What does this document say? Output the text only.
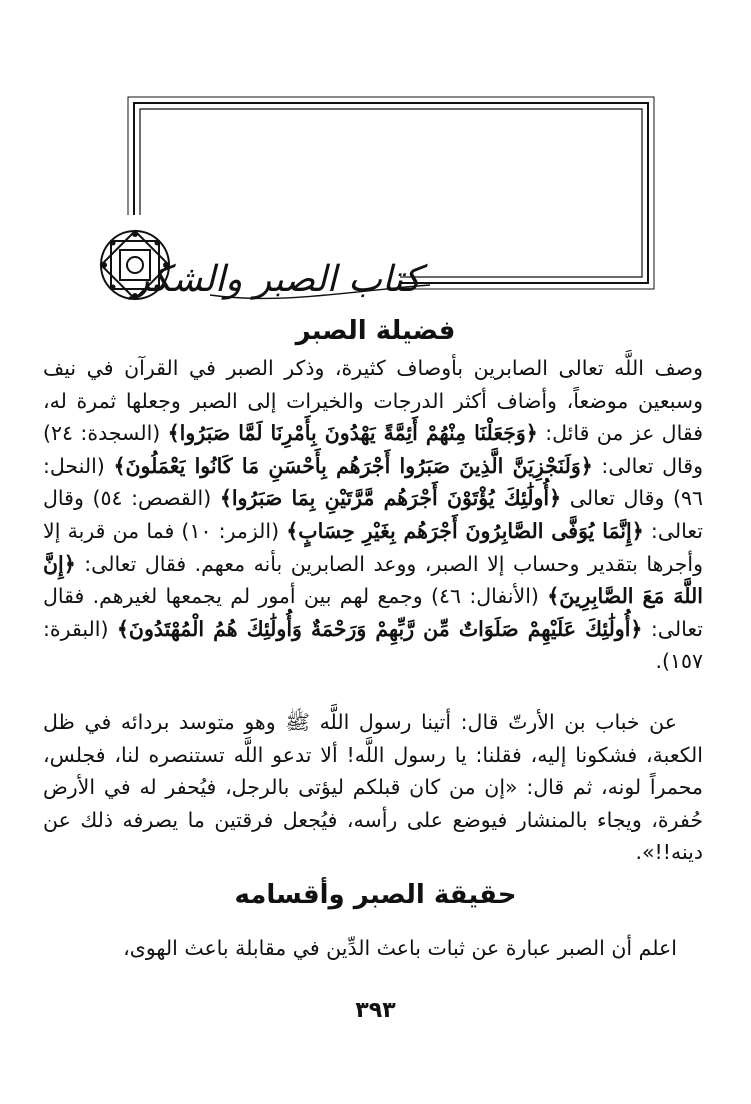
كتاب الصبر والشكر
فضيلة الصبر
وصف اللَّه تعالى الصابرين بأوصاف كثيرة، وذكر الصبر في القرآن في نيف وسبعين موضعاً، وأضاف أكثر الدرجات والخيرات إلى الصبر وجعلها ثمرة له، فقال عز من قائل: ﴿وَجَعَلْنَا مِنْهُمْ أَئِمَّةً يَهْدُونَ بِأَمْرِنَا لَمَّا صَبَرُوا﴾ (السجدة: ٢٤) وقال تعالى: ﴿وَلَنَجْزِيَنَّ الَّذِينَ صَبَرُوا أَجْرَهُم بِأَحْسَنِ مَا كَانُوا يَعْمَلُونَ﴾ (النحل: ٩٦) وقال تعالى ﴿أُولَٰئِكَ يُؤْتَوْنَ أَجْرَهُم مَّرَّتَيْنِ بِمَا صَبَرُوا﴾ (القصص: ٥٤) وقال تعالى: ﴿إِنَّمَا يُوَفَّى الصَّابِرُونَ أَجْرَهُم بِغَيْرِ حِسَابٍ﴾ (الزمر: ١٠) فما من قربة إلا وأجرها بتقدير وحساب إلا الصبر، ووعد الصابرين بأنه معهم. فقال تعالى: ﴿إِنَّ اللَّهَ مَعَ الصَّابِرِينَ﴾ (الأنفال: ٤٦) وجمع لهم بين أمور لم يجمعها لغيرهم. فقال تعالى: ﴿أُولَٰئِكَ عَلَيْهِمْ صَلَوَاتٌ مِّن رَّبِّهِمْ وَرَحْمَةٌ وَأُولَٰئِكَ هُمُ الْمُهْتَدُونَ﴾ (البقرة: ١٥٧).
عن خباب بن الأرتّ قال: أتينا رسول اللَّه ﷺ وهو متوسد بردائه في ظل الكعبة، فشكونا إليه، فقلنا: يا رسول اللَّه! ألا تدعو اللَّه تستنصره لنا، فجلس، محمراً لونه، ثم قال: «إن من كان قبلكم ليؤتى بالرجل، فيُحفر له في الأرض حُفرة، ويجاء بالمنشار فيوضع على رأسه، فيُجعل فرقتين ما يصرفه ذلك عن دينه!!».
حقيقة الصبر وأقسامه
اعلم أن الصبر عبارة عن ثبات باعث الدِّين في مقابلة باعث الهوى،
٣٩٣
